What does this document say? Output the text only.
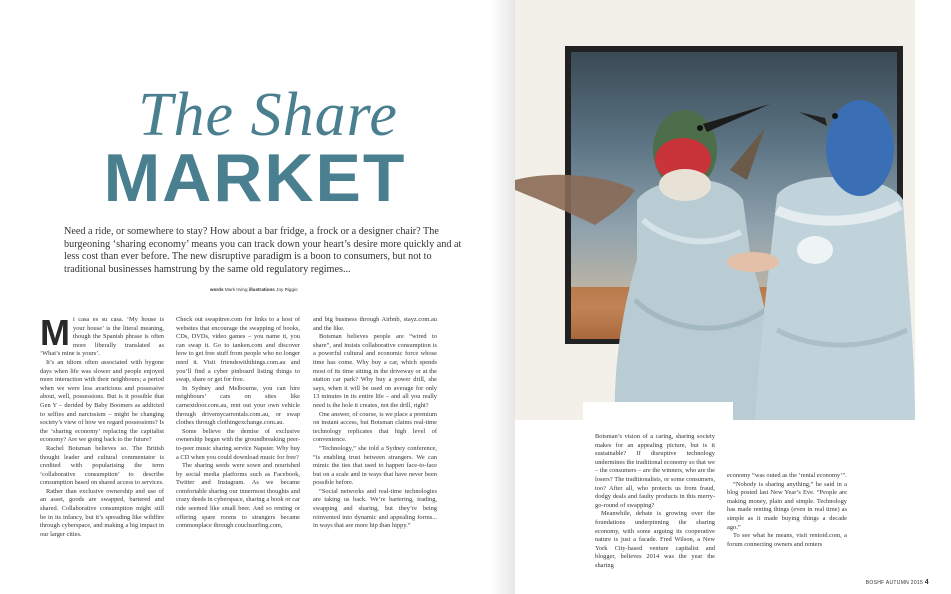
The Share
MARKET
Need a ride, or somewhere to stay? How about a bar fridge, a frock or a designer chair? The burgeoning ‘sharing economy’ means you can track down your heart’s desire more quickly and at less cost than ever before. The new disruptive paradigm is a boon to consumers, but not to traditional businesses hamstrung by the same old regulatory regimes...
words Mark Irving illustrations Joy Riggio
M i casa es su casa. ‘My house is your house’ is the literal meaning, though the Spanish phrase is often more liberally translated as ‘What’s mine is yours’.

It’s an idiom often associated with bygone days when life was slower and people enjoyed more interaction with their neighbours; a period when we were less avaricious and possessive about, well, possessions. But is it possible that Gen Y – derided by Baby Boomers as addicted to selfies and narcissism – might be changing society’s view of how we regard possessions? Is the ‘sharing economy’ replacing the capitalist economy? Are we going back to the future?

Rachel Botsman believes so. The British thought leader and cultural commentator is credited with popularising the term ‘collaborative consumption’ to describe consumption based on shared access to services.

Rather than exclusive ownership and use of an asset, goods are swapped, bartered and shared. Collaborative consumption might still be in its infancy, but it’s spreading like wildfire through cyberspace, and making a big impact in our larger cities.

Check out swapitree.com for links to a host of websites that encourage the swapping of books, CDs, DVDs, video games – you name it, you can swap it. Go to tanken.com and discover how to get free stuff from people who no longer need it. Visit friendswiththings.com.au and you’ll find a cyber pinboard listing things to swap, share or get for free.

In Sydney and Melbourne, you can hire neighbours’ cars on sites like carnextdoor.com.au, rent out your own vehicle through drivemycarrentals.com.au, or swap clothes through clothingexchange.com.au.

Some believe the demise of exclusive ownership began with the groundbreaking peer-to-peer music sharing service Napster. Why buy a CD when you could download music for free?

The sharing seeds were sown and nourished by social media platforms such as Facebook, Twitter and Instagram. As we became comfortable sharing our innermost thoughts and crazy deeds in cyberspace, sharing a book or car ride seemed like small beer. And so renting or offering spare rooms to strangers became commonplace through couchsurfing.com,

and big business through Airbnb, stayz.com.au and the like.

Botsman believes people are “wired to share”, and insists collaborative consumption is a powerful cultural and economic force whose time has come. Why buy a car, which spends most of its time sitting in the driveway or at the station car park? Why buy a power drill, she says, when it will be used on average for only 13 minutes in its entire life – and all you really need is the hole it creates, not the drill, right?

One answer, of course, is we place a premium on instant access, but Botsman claims real-time technology replicates that high level of convenience.

“Technology,” she told a Sydney conference, “is enabling trust between strangers. We can mimic the ties that used to happen face-to-face but on a scale and in ways that have never been possible before.

“Social networks and real-time technologies are taking us back. We’re bartering, trading, swapping and sharing, but they’re being reinvented into dynamic and appealing forms... in ways that are more hip than hippy.”

Botsman’s vision of a caring, sharing society makes for an appealing picture, but is it sustainable? If disruptive technology undermines the traditional economy so that we – the consumers – are the winners, who are the losers? The traditionalists, or some consumers, too? After all, who protects us from fraud, dodgy deals and faulty products in this merry-go-round of swapping?

Meanwhile, debate is growing over the foundations underpinning the sharing economy, with some arguing its cooperative nature is just a facade. Fred Wilson, a New York City-based venture capitalist and blogger, believes 2014 was the year the sharing

economy “was outed as the ‘rental economy’”.

“Nobody is sharing anything,” he said in a blog posted last New Year’s Eve. “People are making money, plain and simple. Technology has made renting things (even in real time) as simple as it made buying things a decade ago.”

To see what he means, visit rentoid.com, a forum connecting owners and renters

BOSHF AUTUMN 2015 4
